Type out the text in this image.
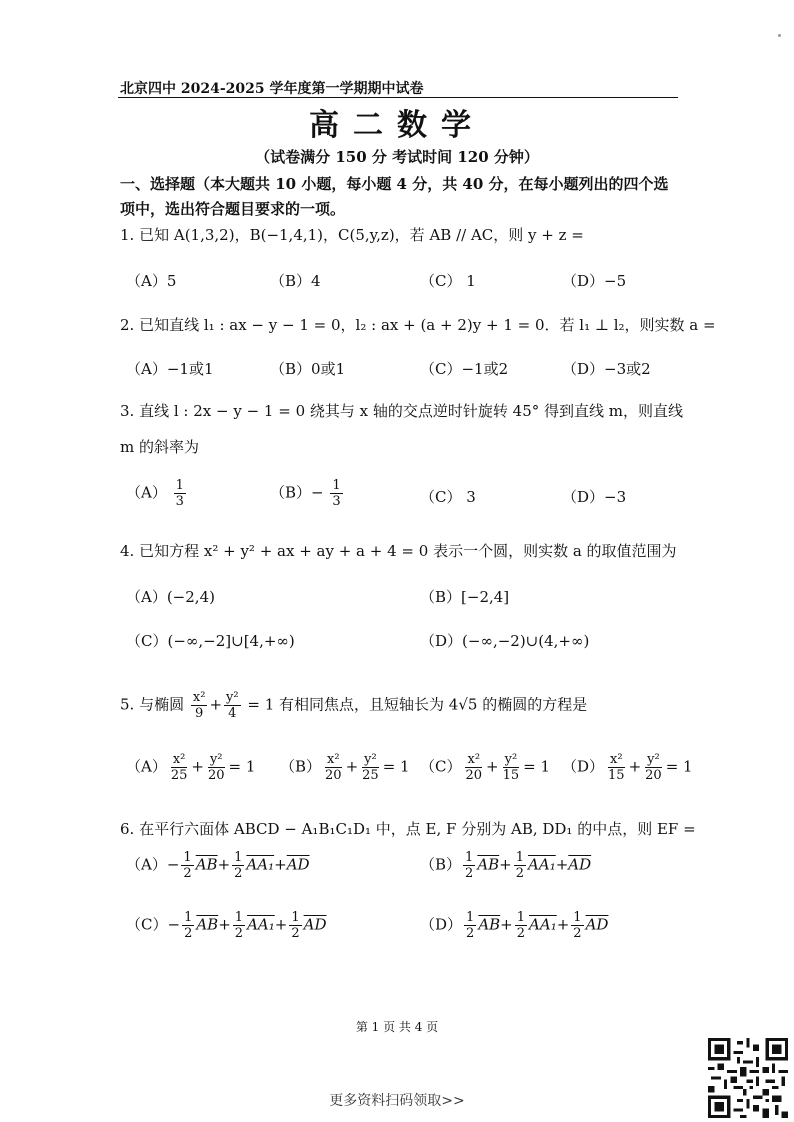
北京四中 2024-2025 学年度第一学期期中试卷
高二数学
（试卷满分 150 分 考试时间 120 分钟）
一、选择题（本大题共 10 小题，每小题 4 分，共 40 分，在每小题列出的四个选项中，选出符合题目要求的一项。
1. 已知 A(1,3,2)，B(−1,4,1)，C(5,y,z)，若 AB // AC，则 y + z =
（A）5	（B）4	（C） 1	（D）−5
2. 已知直线 l₁ : ax − y − 1 = 0，l₂ : ax + (a + 2)y + 1 = 0．若 l₁ ⊥ l₂，则实数 a =
（A）−1或1	（B）0或1	（C）−1或2	（D）−3或2
3. 直线 l : 2x − y − 1 = 0 绕其与 x 轴的交点逆时针旋转 45° 得到直线 m，则直线
m 的斜率为
$(A) \frac{1}{3}$	$(B)- \frac{1}{3}$	（C） 3	（D）−3
4. 已知方程 x² + y² + ax + ay + a + 4 = 0 表示一个圆，则实数 a 的取值范围为
（A）(−2,4)	（B）[−2,4]
（C）(−∞,−2]∪[4,+∞)	（D）(−∞,−2)∪(4,+∞)
5. 与椭圆 $\frac{\text{x²}}{9} + \frac{\text{y²}}{4} = 1$ 有相同焦点，且短轴长为 4√5 的椭圆的方程是
$(A) \frac{\text{x²}}{25} + \frac{\text{y²}}{20} = 1$ $(B) \frac{\text{x²}}{20} + \frac{\text{y²}}{25} = 1$ $(C) \frac{\text{x²}}{20} + \frac{\text{y²}}{15} = 1$ $(D) \frac{\text{x²}}{15} + \frac{\text{y²}}{20} = 1$
6. 在平行六面体 ABCD − A₁B₁C₁D₁ 中，点 E, F 分别为 AB, DD₁ 的中点，则 EF =
$(A)- \frac{1}{2} \overline{AB}+ \frac{1}{2} AA_1+\overline{AD}$	$(B) \frac{1}{2} \overline{AB}+ \frac{1}{2} AA_1+\overline{AD}$
$(C)- \frac{1}{2} \overline{AB}+ \frac{1}{2} AA_1+ \frac{1}{2} \overline{AD}$	$(D) \frac{1}{2} \overline{AB}+ \frac{1}{2} AA_1+ \frac{1}{2} \overline{AD}$
第 1 页 共 4 页
更多资料扫码领取>>
